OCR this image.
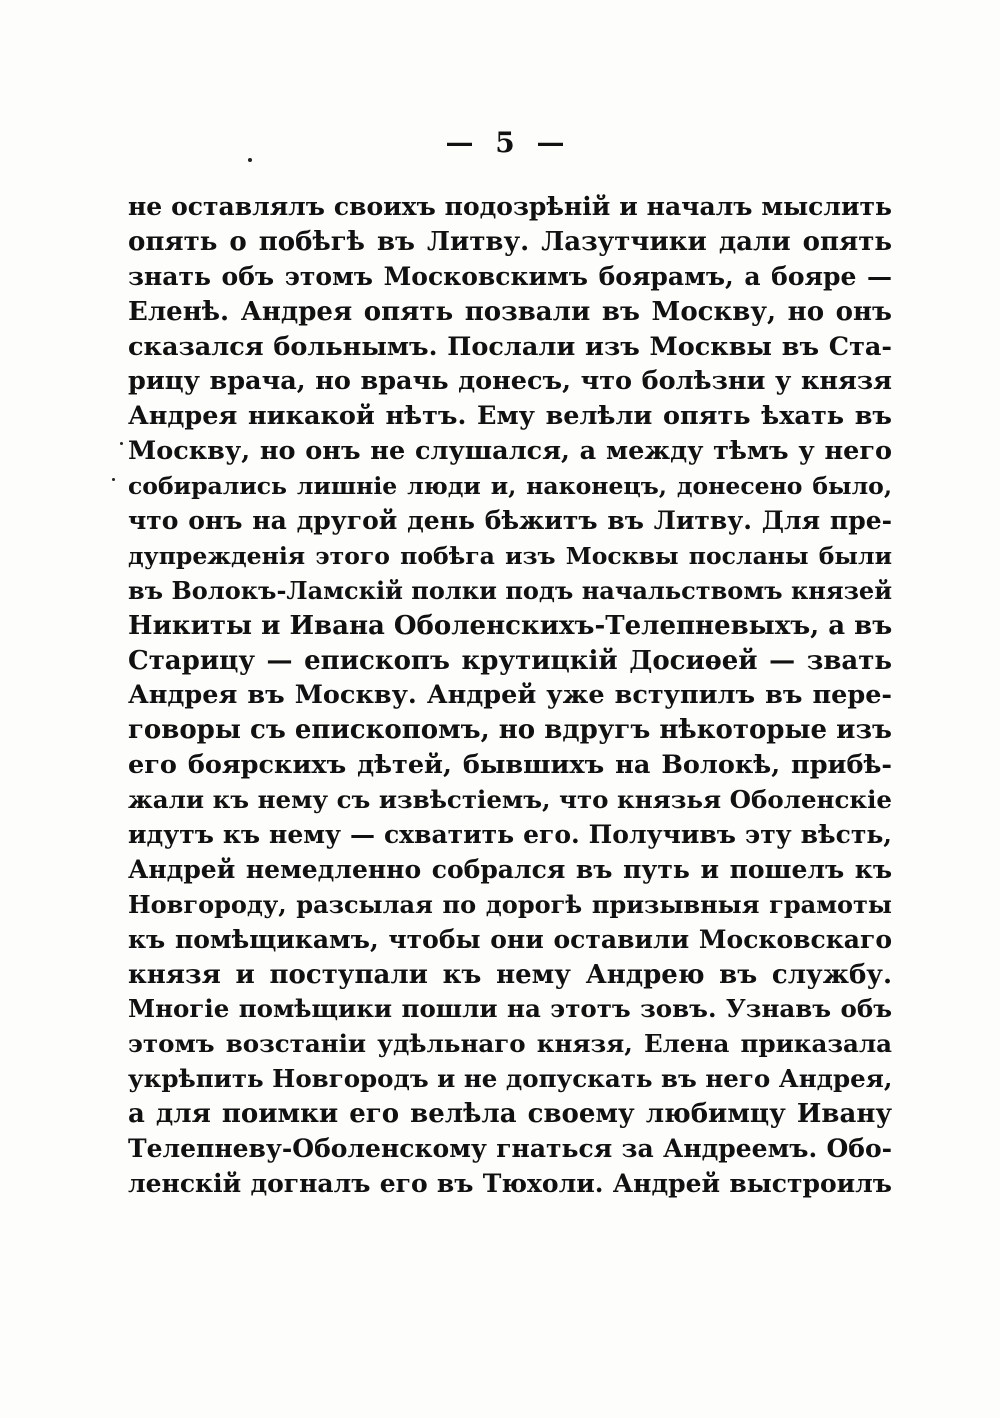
— 5 —
не оставлялъ своихъ подозрѣній и началъ мыслить
опять о побѣгѣ въ Литву. Лазутчики дали опять
знать объ этомъ Московскимъ боярамъ, а бояре —
Еленѣ. Андрея опять позвали въ Москву, но онъ
сказался больнымъ. Послали изъ Москвы въ Ста-
рицу врача, но врачь донесъ, что болѣзни у князя
Андрея никакой нѣтъ. Ему велѣли опять ѣхать въ
Москву, но онъ не слушался, а между тѣмъ у него
собирались лишніе люди и, наконецъ, донесено было,
что онъ на другой день бѣжитъ въ Литву. Для пре-
дупрежденія этого побѣга изъ Москвы посланы были
въ Волокъ-Ламскій полки подъ начальствомъ князей
Никиты и Ивана Оболенскихъ-Телепневыхъ, а въ
Старицу — епископъ крутицкій Досиѳей — звать
Андрея въ Москву. Андрей уже вступилъ въ пере-
говоры съ епископомъ, но вдругъ нѣкоторые изъ
его боярскихъ дѣтей, бывшихъ на Волокѣ, прибѣ-
жали къ нему съ извѣстіемъ, что князья Оболенскіе
идутъ къ нему — схватить его. Получивъ эту вѣсть,
Андрей немедленно собрался въ путь и пошелъ къ
Новгороду, разсылая по дорогѣ призывныя грамоты
къ помѣщикамъ, чтобы они оставили Московскаго
князя и поступали къ нему Андрею въ службу.
Многіе помѣщики пошли на этотъ зовъ. Узнавъ объ
этомъ возстаніи удѣльнаго князя, Елена приказала
укрѣпить Новгородъ и не допускать въ него Андрея,
а для поимки его велѣла своему любимцу Ивану
Телепневу-Оболенскому гнаться за Андреемъ. Обо-
ленскій догналъ его въ Тюхоли. Андрей выстроилъ
